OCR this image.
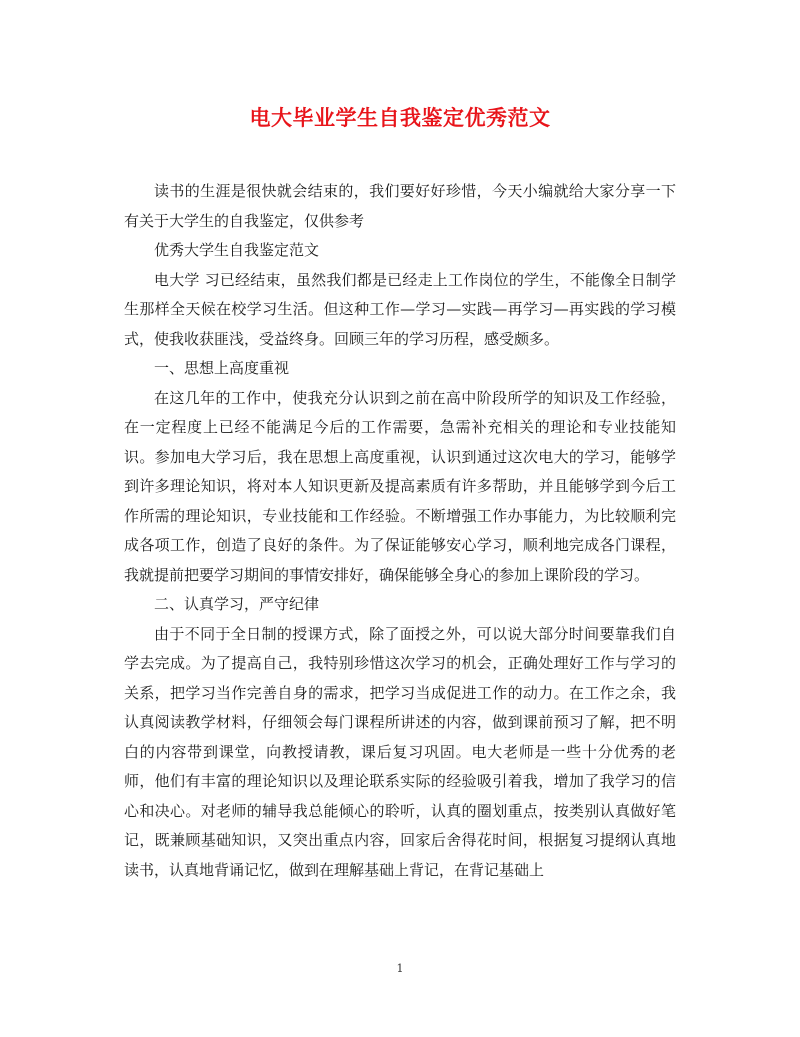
电大毕业学生自我鉴定优秀范文

读书的生涯是很快就会结束的，我们要好好珍惜，今天小编就给大家分享一下有关于大学生的自我鉴定，仅供参考

优秀大学生自我鉴定范文

电大学 习已经结束，虽然我们都是已经走上工作岗位的学生，不能像全日制学生那样全天候在校学习生活。但这种工作—学习—实践—再学习—再实践的学习模式，使我收获匪浅，受益终身。回顾三年的学习历程，感受颇多。

一、思想上高度重视

在这几年的工作中，使我充分认识到之前在高中阶段所学的知识及工作经验，在一定程度上已经不能满足今后的工作需要，急需补充相关的理论和专业技能知识。参加电大学习后，我在思想上高度重视，认识到通过这次电大的学习，能够学到许多理论知识，将对本人知识更新及提高素质有许多帮助，并且能够学到今后工作所需的理论知识，专业技能和工作经验。不断增强工作办事能力，为比较顺利完成各项工作，创造了良好的条件。为了保证能够安心学习，顺利地完成各门课程，我就提前把要学习期间的事情安排好，确保能够全身心的参加上课阶段的学习。

二、认真学习，严守纪律

由于不同于全日制的授课方式，除了面授之外，可以说大部分时间要靠我们自学去完成。为了提高自己，我特别珍惜这次学习的机会，正确处理好工作与学习的关系，把学习当作完善自身的需求，把学习当成促进工作的动力。在工作之余，我认真阅读教学材料，仔细领会每门课程所讲述的内容，做到课前预习了解，把不明白的内容带到课堂，向教授请教，课后复习巩固。电大老师是一些十分优秀的老师，他们有丰富的理论知识以及理论联系实际的经验吸引着我，增加了我学习的信心和决心。对老师的辅导我总能倾心的聆听，认真的圈划重点，按类别认真做好笔记，既兼顾基础知识，又突出重点内容，回家后舍得花时间，根据复习提纲认真地读书，认真地背诵记忆，做到在理解基础上背记，在背记基础上

1
